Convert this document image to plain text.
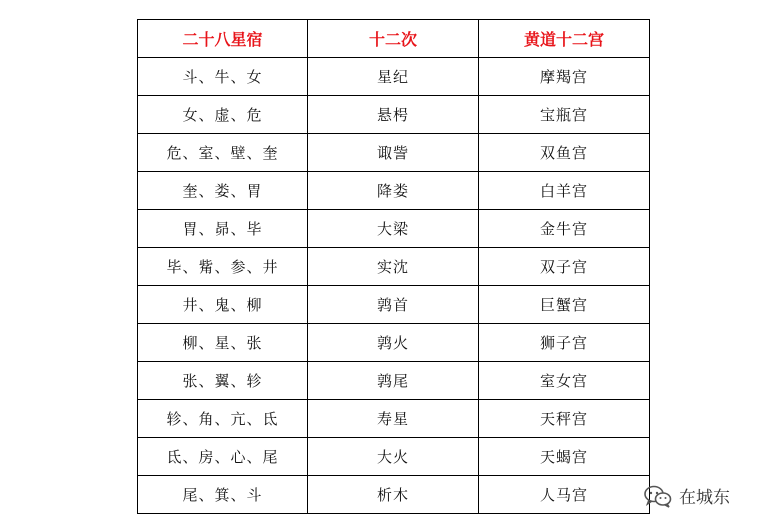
二十八星宿	十二次	黄道十二宫
斗、牛、女	星纪	摩羯宫
女、虚、危	悬枵	宝瓶宫
危、室、壁、奎	诹訾	双鱼宫
奎、娄、胃	降娄	白羊宫
胃、昴、毕	大梁	金牛宫
毕、觜、参、井	实沈	双子宫
井、鬼、柳	鹑首	巨蟹宫
柳、星、张	鹑火	狮子宫
张、翼、轸	鹑尾	室女宫
轸、角、亢、氐	寿星	天秤宫
氐、房、心、尾	大火	天蝎宫
尾、箕、斗	析木	人马宫	在城东
